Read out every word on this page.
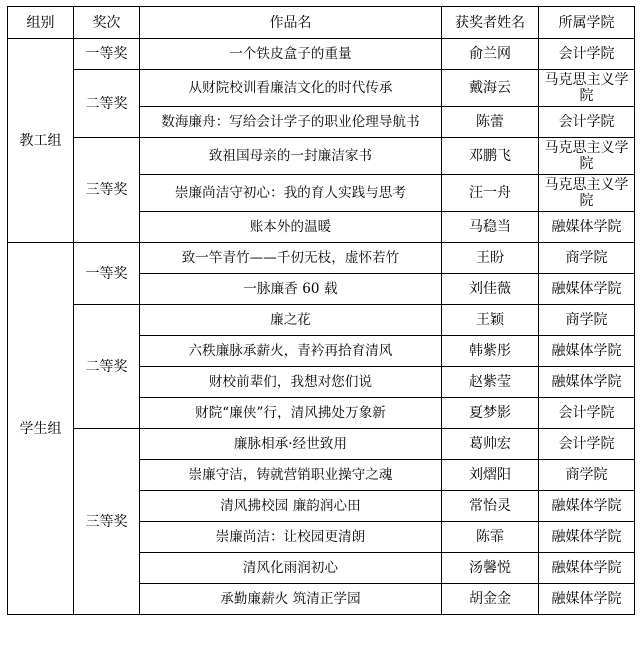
组别	奖次	作品名	获奖者姓名	所属学院
教工组	一等奖	一个铁皮盒子的重量	俞兰网	会计学院
	二等奖	从财院校训看廉洁文化的时代传承	戴海云	马克思主义学院
		数海廉舟：写给会计学子的职业伦理导航书	陈蕾	会计学院
	三等奖	致祖国母亲的一封廉洁家书	邓鹏飞	马克思主义学院
		崇廉尚洁守初心：我的育人实践与思考	汪一舟	马克思主义学院
		账本外的温暖	马稳当	融媒体学院
学生组	一等奖	致一竿青竹——千仞无枝，虚怀若竹	王盼	商学院
		一脉廉香 60 载	刘佳薇	融媒体学院
	二等奖	廉之花	王颖	商学院
		六秩廉脉承薪火，青衿再拾育清风	韩紫彤	融媒体学院
		财校前辈们，我想对您们说	赵紫莹	融媒体学院
		财院“廉侠”行，清风拂处万象新	夏梦影	会计学院
	三等奖	廉脉相承·经世致用	葛帅宏	会计学院
		崇廉守洁，铸就营销职业操守之魂	刘熠阳	商学院
		清风拂校园 廉韵润心田	常怡灵	融媒体学院
		崇廉尚洁：让校园更清朗	陈霏	融媒体学院
		清风化雨润初心	汤馨悦	融媒体学院
		承勤廉薪火 筑清正学园	胡金金	融媒体学院
